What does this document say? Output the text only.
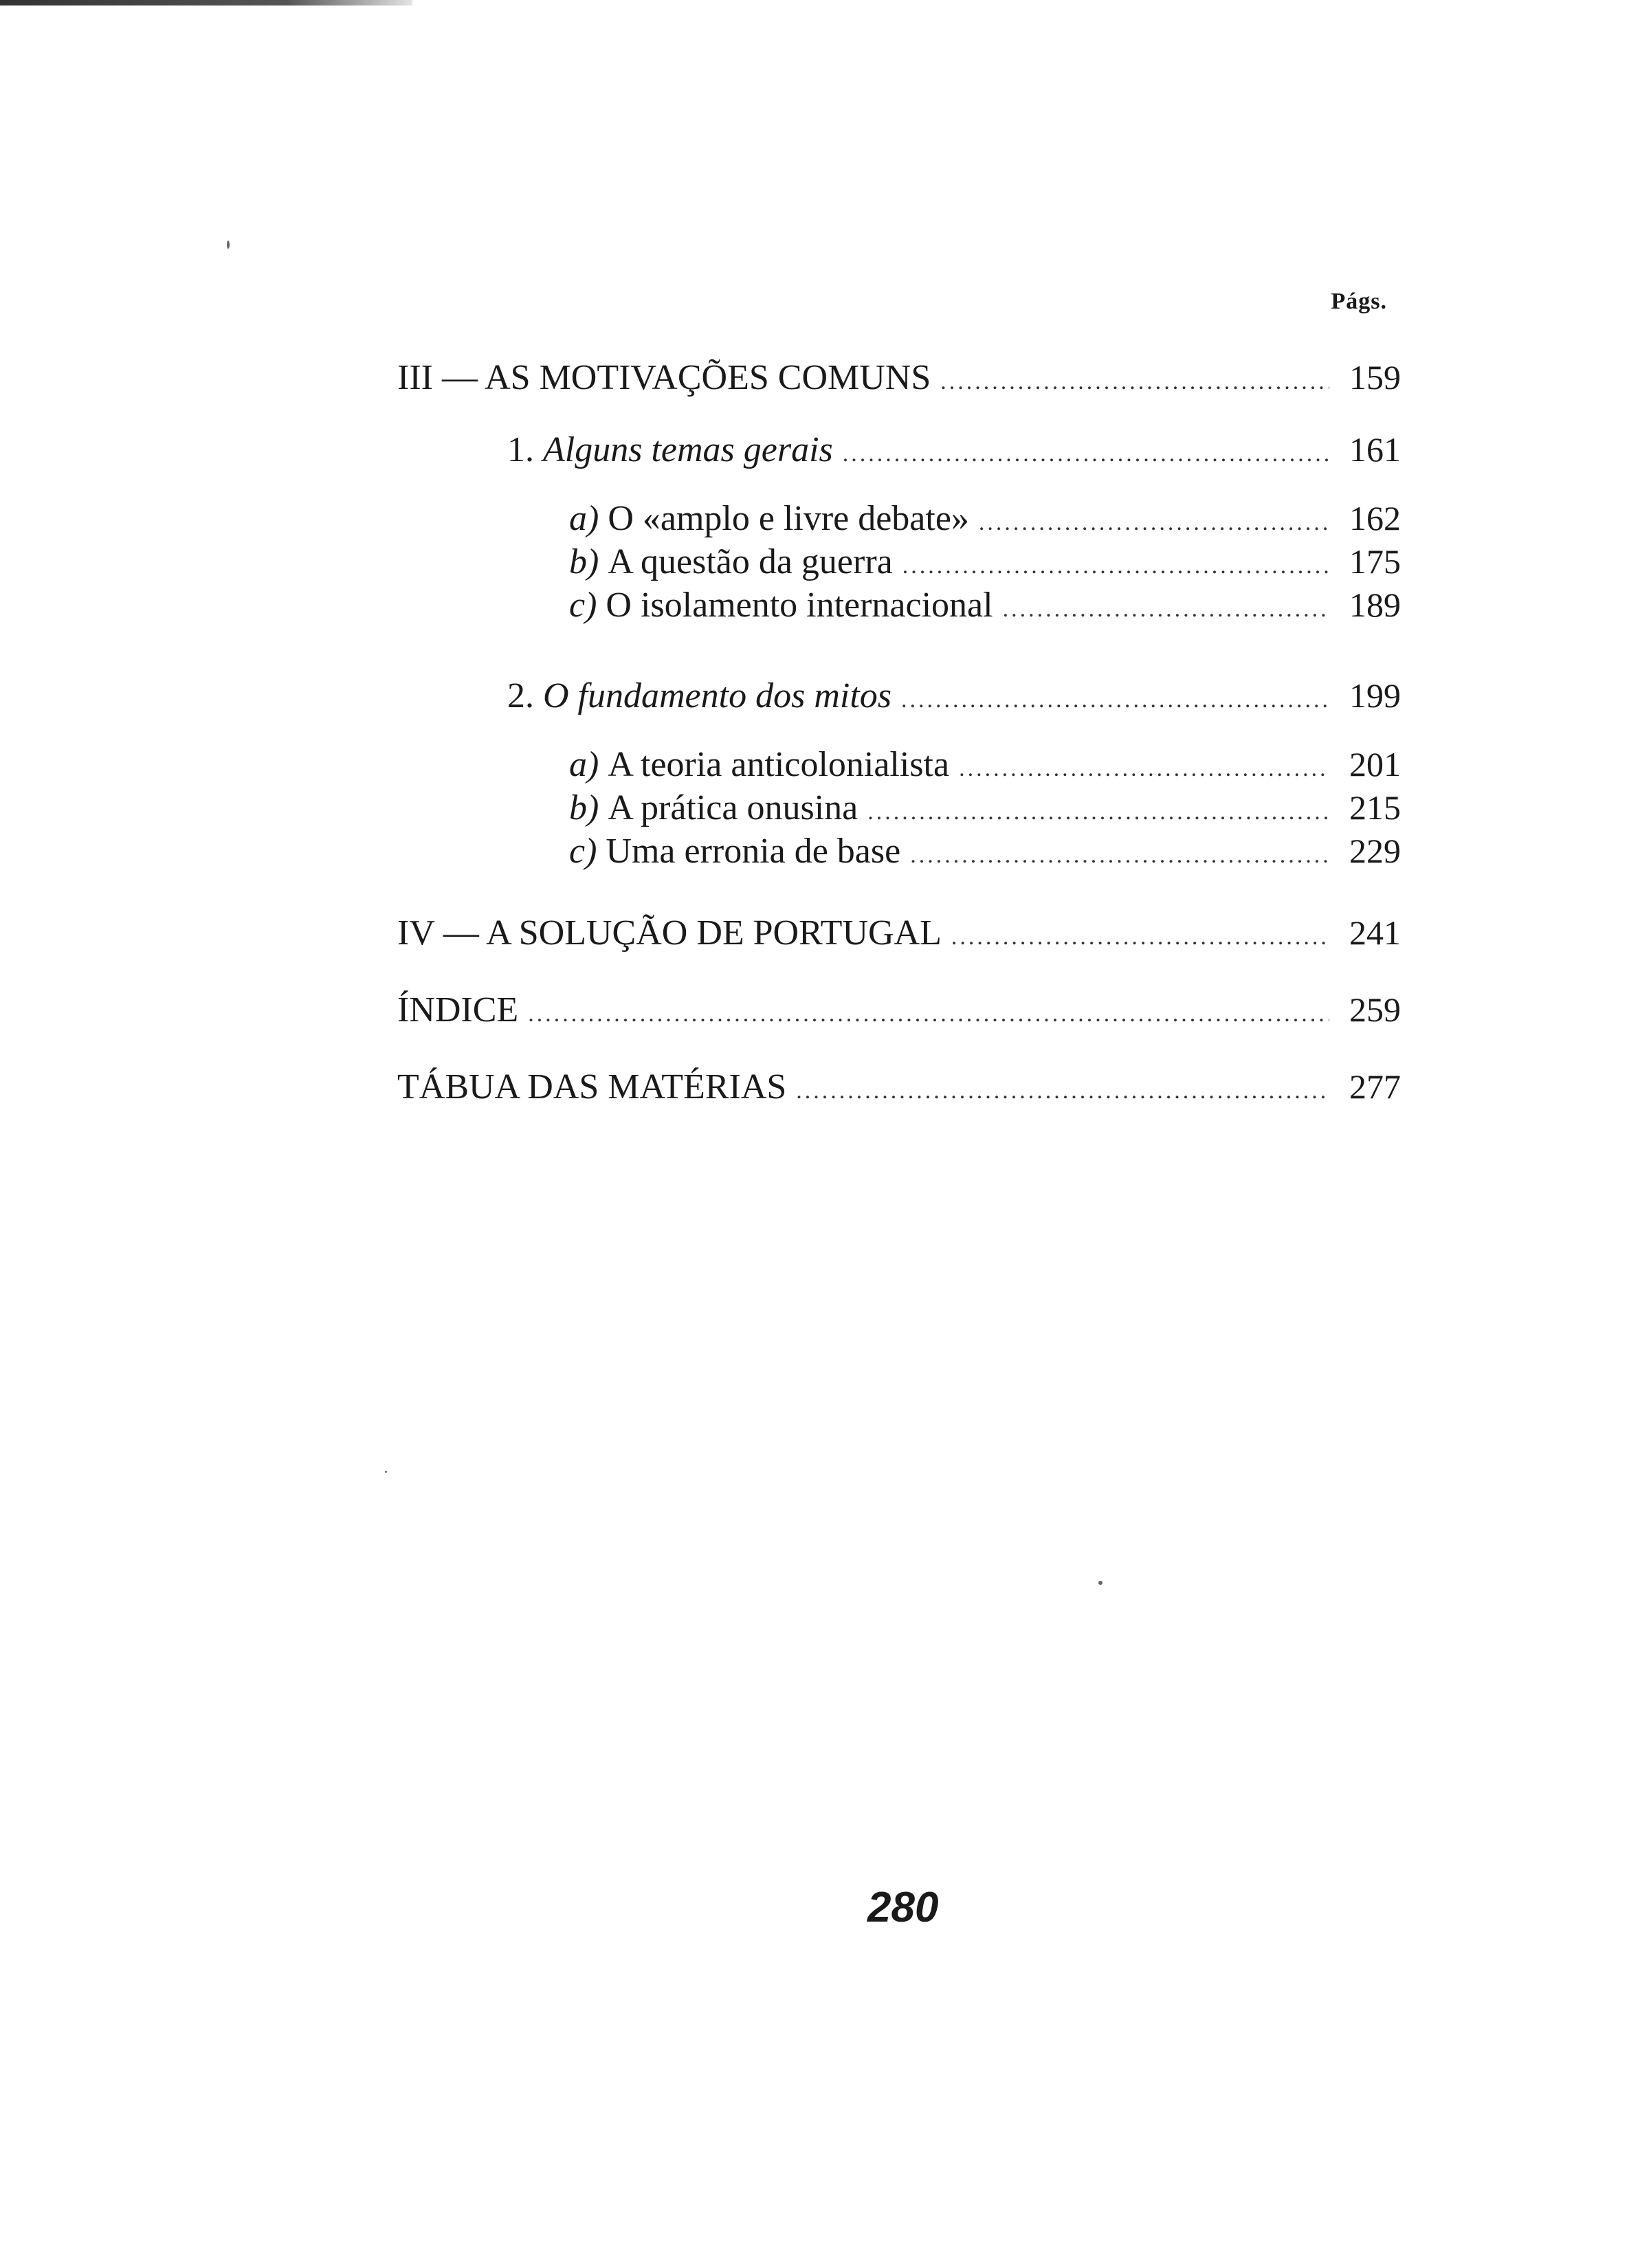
Págs.
III — AS MOTIVAÇÕES COMUNS .....	159
1. Alguns temas gerais .....	161
a) O «amplo e livre debate» .....	162
b) A questão da guerra .....	175
c) O isolamento internacional .....	189
2. O fundamento dos mitos .....	199
a) A teoria anticolonialista .....	201
b) A prática onusina .....	215
c) Uma erronia de base .....	229
IV — A SOLUÇÃO DE PORTUGAL .....	241
ÍNDICE .....	259
TÁBUA DAS MATÉRIAS .....	277
280
